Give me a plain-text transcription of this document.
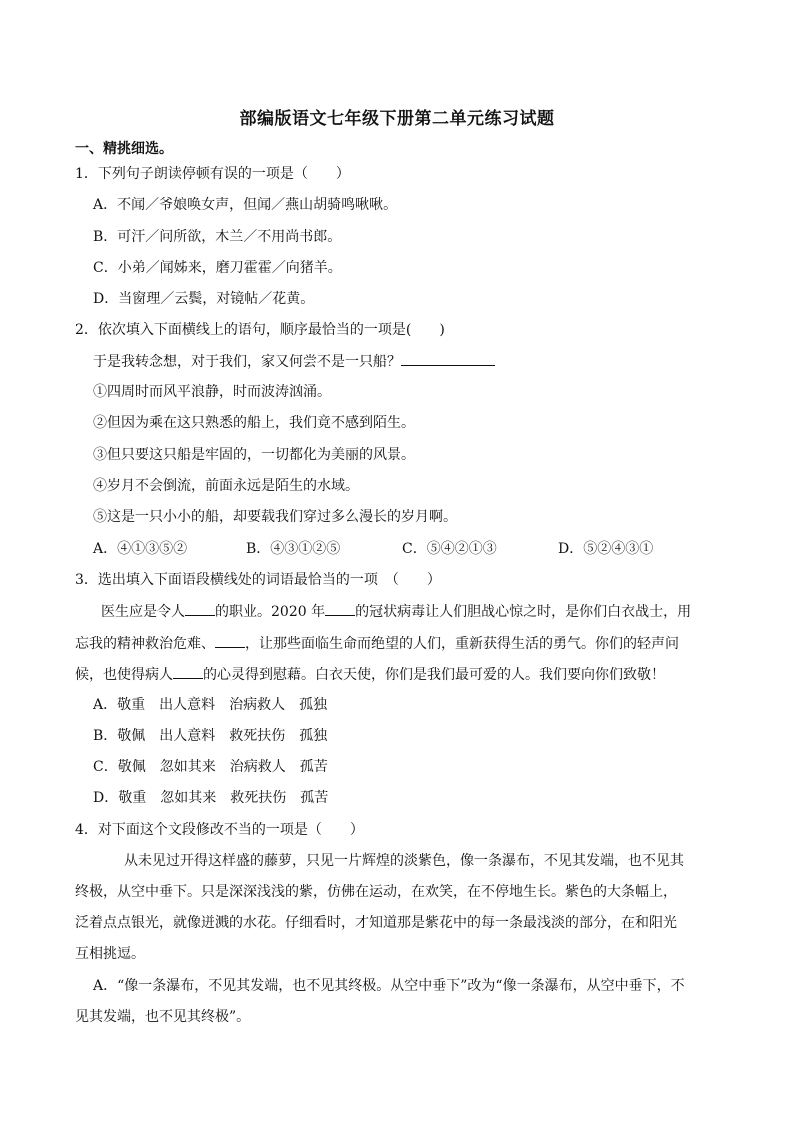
部编版语文七年级下册第二单元练习试题
一、精挑细选。
1．下列句子朗读停顿有误的一项是（　　）
A．不闻／爷娘唤女声，但闻／燕山胡骑鸣啾啾。
B．可汗／问所欲，木兰／不用尚书郎。
C．小弟／闻姊来，磨刀霍霍／向猪羊。
D．当窗理／云鬓，对镜帖／花黄。
2．依次填入下面横线上的语句，顺序最恰当的一项是(　　)
于是我转念想，对于我们，家又何尝不是一只船？
①四周时而风平浪静，时而波涛汹涌。
②但因为乘在这只熟悉的船上，我们竟不感到陌生。
③但只要这只船是牢固的，一切都化为美丽的风景。
④岁月不会倒流，前面永远是陌生的水域。
⑤这是一只小小的船，却要载我们穿过多么漫长的岁月啊。
A．④①③⑤②	B．④③①②⑤	C．⑤④②①③	D．⑤②④③①
3．选出填入下面语段横线处的词语最恰当的一项　（　　）
医生应是令人 的职业。2020 年 的冠状病毒让人们胆战心惊之时，是你们白衣战士，用
忘我的精神救治危难、 ，让那些面临生命而绝望的人们，重新获得生活的勇气。你们的轻声问
候，也使得病人 的心灵得到慰藉。白衣天使，你们是我们最可爱的人。我们要向你们致敬！
A．敬重　出人意料　治病救人　孤独
B．敬佩　出人意料　救死扶伤　孤独
C．敬佩　忽如其来　治病救人　孤苦
D．敬重　忽如其来　救死扶伤　孤苦
4．对下面这个文段修改不当的一项是（　　）
从未见过开得这样盛的藤萝，只见一片辉煌的淡紫色，像一条瀑布，不见其发端，也不见其
终极，从空中垂下。只是深深浅浅的紫，仿佛在运动，在欢笑，在不停地生长。紫色的大条幅上，
泛着点点银光，就像迸溅的水花。仔细看时，才知道那是紫花中的每一条最浅淡的部分，在和阳光
互相挑逗。
A．“像一条瀑布，不见其发端，也不见其终极。从空中垂下”改为“像一条瀑布，从空中垂下，不
见其发端，也不见其终极”。
